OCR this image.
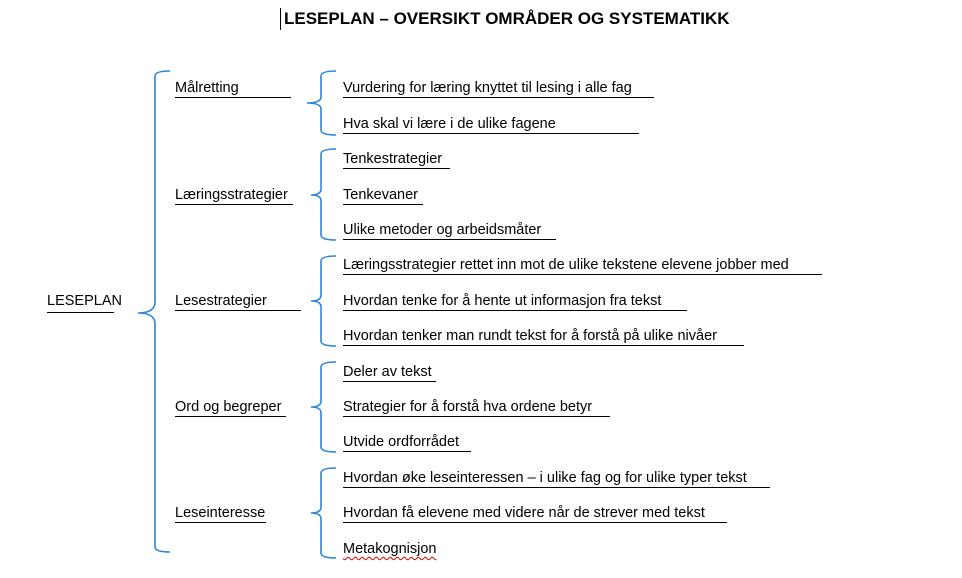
LESEPLAN – OVERSIKT OMRÅDER OG SYSTEMATIKK
LESEPLAN
Målretting
Læringsstrategier
Lesestrategier
Ord og begreper
Leseinteresse
Vurdering for læring knyttet til lesing i alle fag
Hva skal vi lære i de ulike fagene
Tenkestrategier
Tenkevaner
Ulike metoder og arbeidsmåter
Læringsstrategier rettet inn mot de ulike tekstene elevene jobber med
Hvordan tenke for å hente ut informasjon fra tekst
Hvordan tenker man rundt tekst for å forstå på ulike nivåer
Deler av tekst
Strategier for å forstå hva ordene betyr
Utvide ordforrådet
Hvordan øke leseinteressen – i ulike fag og for ulike typer tekst
Hvordan få elevene med videre når de strever med tekst
Metakognisjon
